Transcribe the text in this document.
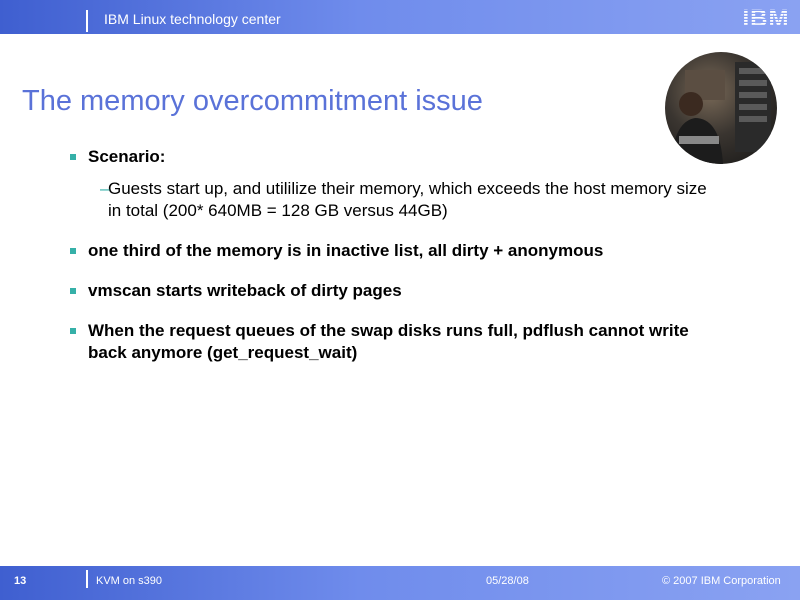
IBM Linux technology center	IBM
The memory overcommitment issue
Scenario:
–
Guests start up, and utililize their memory, which exceeds the host memory size in total (200* 640MB = 128 GB versus 44GB)
one third of the memory is in inactive list, all dirty + anonymous
vmscan starts writeback of dirty pages
When the request queues of the swap disks runs full, pdflush cannot write back anymore (get_request_wait)
13	KVM on s390	05/28/08	© 2007 IBM Corporation
